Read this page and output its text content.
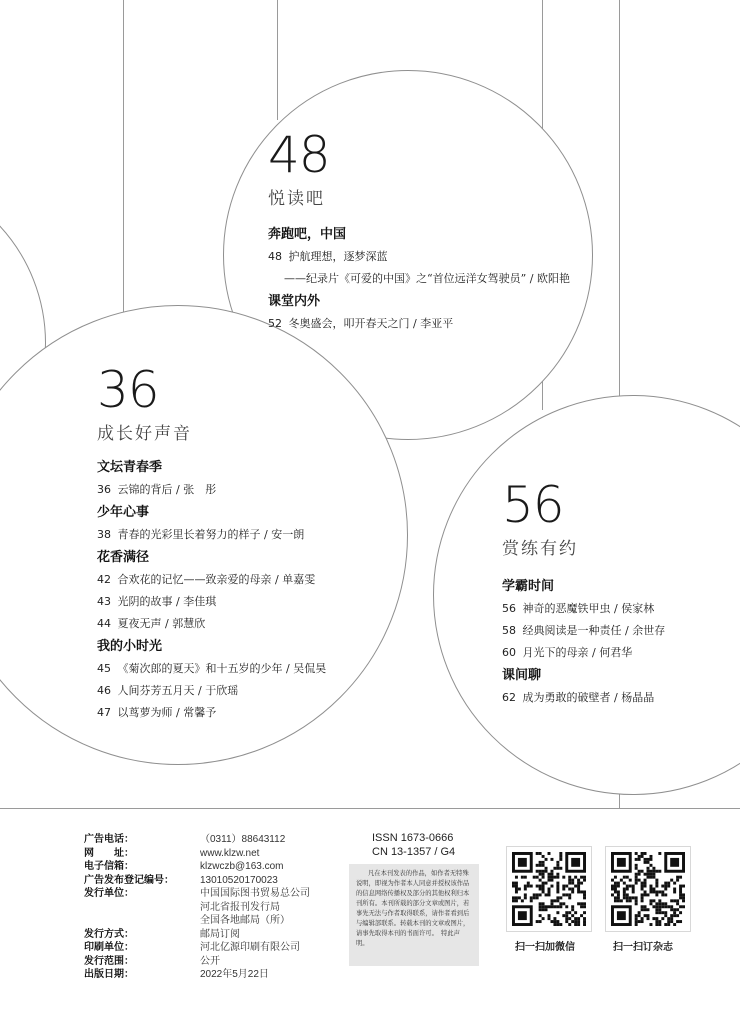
48
悦读吧
奔跑吧，中国
48 护航理想，逐梦深蓝
——纪录片《可爱的中国》之“首位远洋女驾驶员” / 欧阳艳
课堂内外
52 冬奥盛会，叩开春天之门 / 李亚平
36
成长好声音
文坛青春季
36 云锦的背后 / 张　彤
少年心事
38 青春的光彩里长着努力的样子 / 安一朗
花香满径
42 合欢花的记忆——致亲爱的母亲 / 单嘉雯
43 光阴的故事 / 李佳琪
44 夏夜无声 / 郭慧欣
我的小时光
45 《菊次郎的夏天》和十五岁的少年 / 吴侃昊
46 人间芬芳五月天 / 于欣瑶
47 以茑萝为师 / 常馨予
56
赏练有约
学霸时间
56 神奇的恶魔铁甲虫 / 侯家林
58 经典阅读是一种责任 / 余世存
60 月光下的母亲 / 何君华
课间聊
62 成为勇敢的破壁者 / 杨晶晶
广告电话：	（0311）88643112
网　　址：	www.klzw.net
电子信箱：	klzwczb@163.com
广告发布登记编号：	13010520170023
发行单位：	中国国际图书贸易总公司
河北省报刊发行局
全国各地邮局（所）
发行方式：	邮局订阅
印刷单位：	河北亿源印刷有限公司
发行范围：	公开
出版日期：	2022年5月22日
ISSN 1673-0666
CN 13-1357 / G4
凡在本刊发表的作品，如作者无特殊说明，即视为作者本人同意并授权该作品的信息网络传播权及部分的其他权利归本刊所有。本刊所载的部分文章或图片，若事先无法与作者取得联系，请作者看到后与编辑部联系。转载本刊的文章或图片，请事先取得本刊的书面许可。　特此声明。	扫一扫加微信	扫一扫订杂志
